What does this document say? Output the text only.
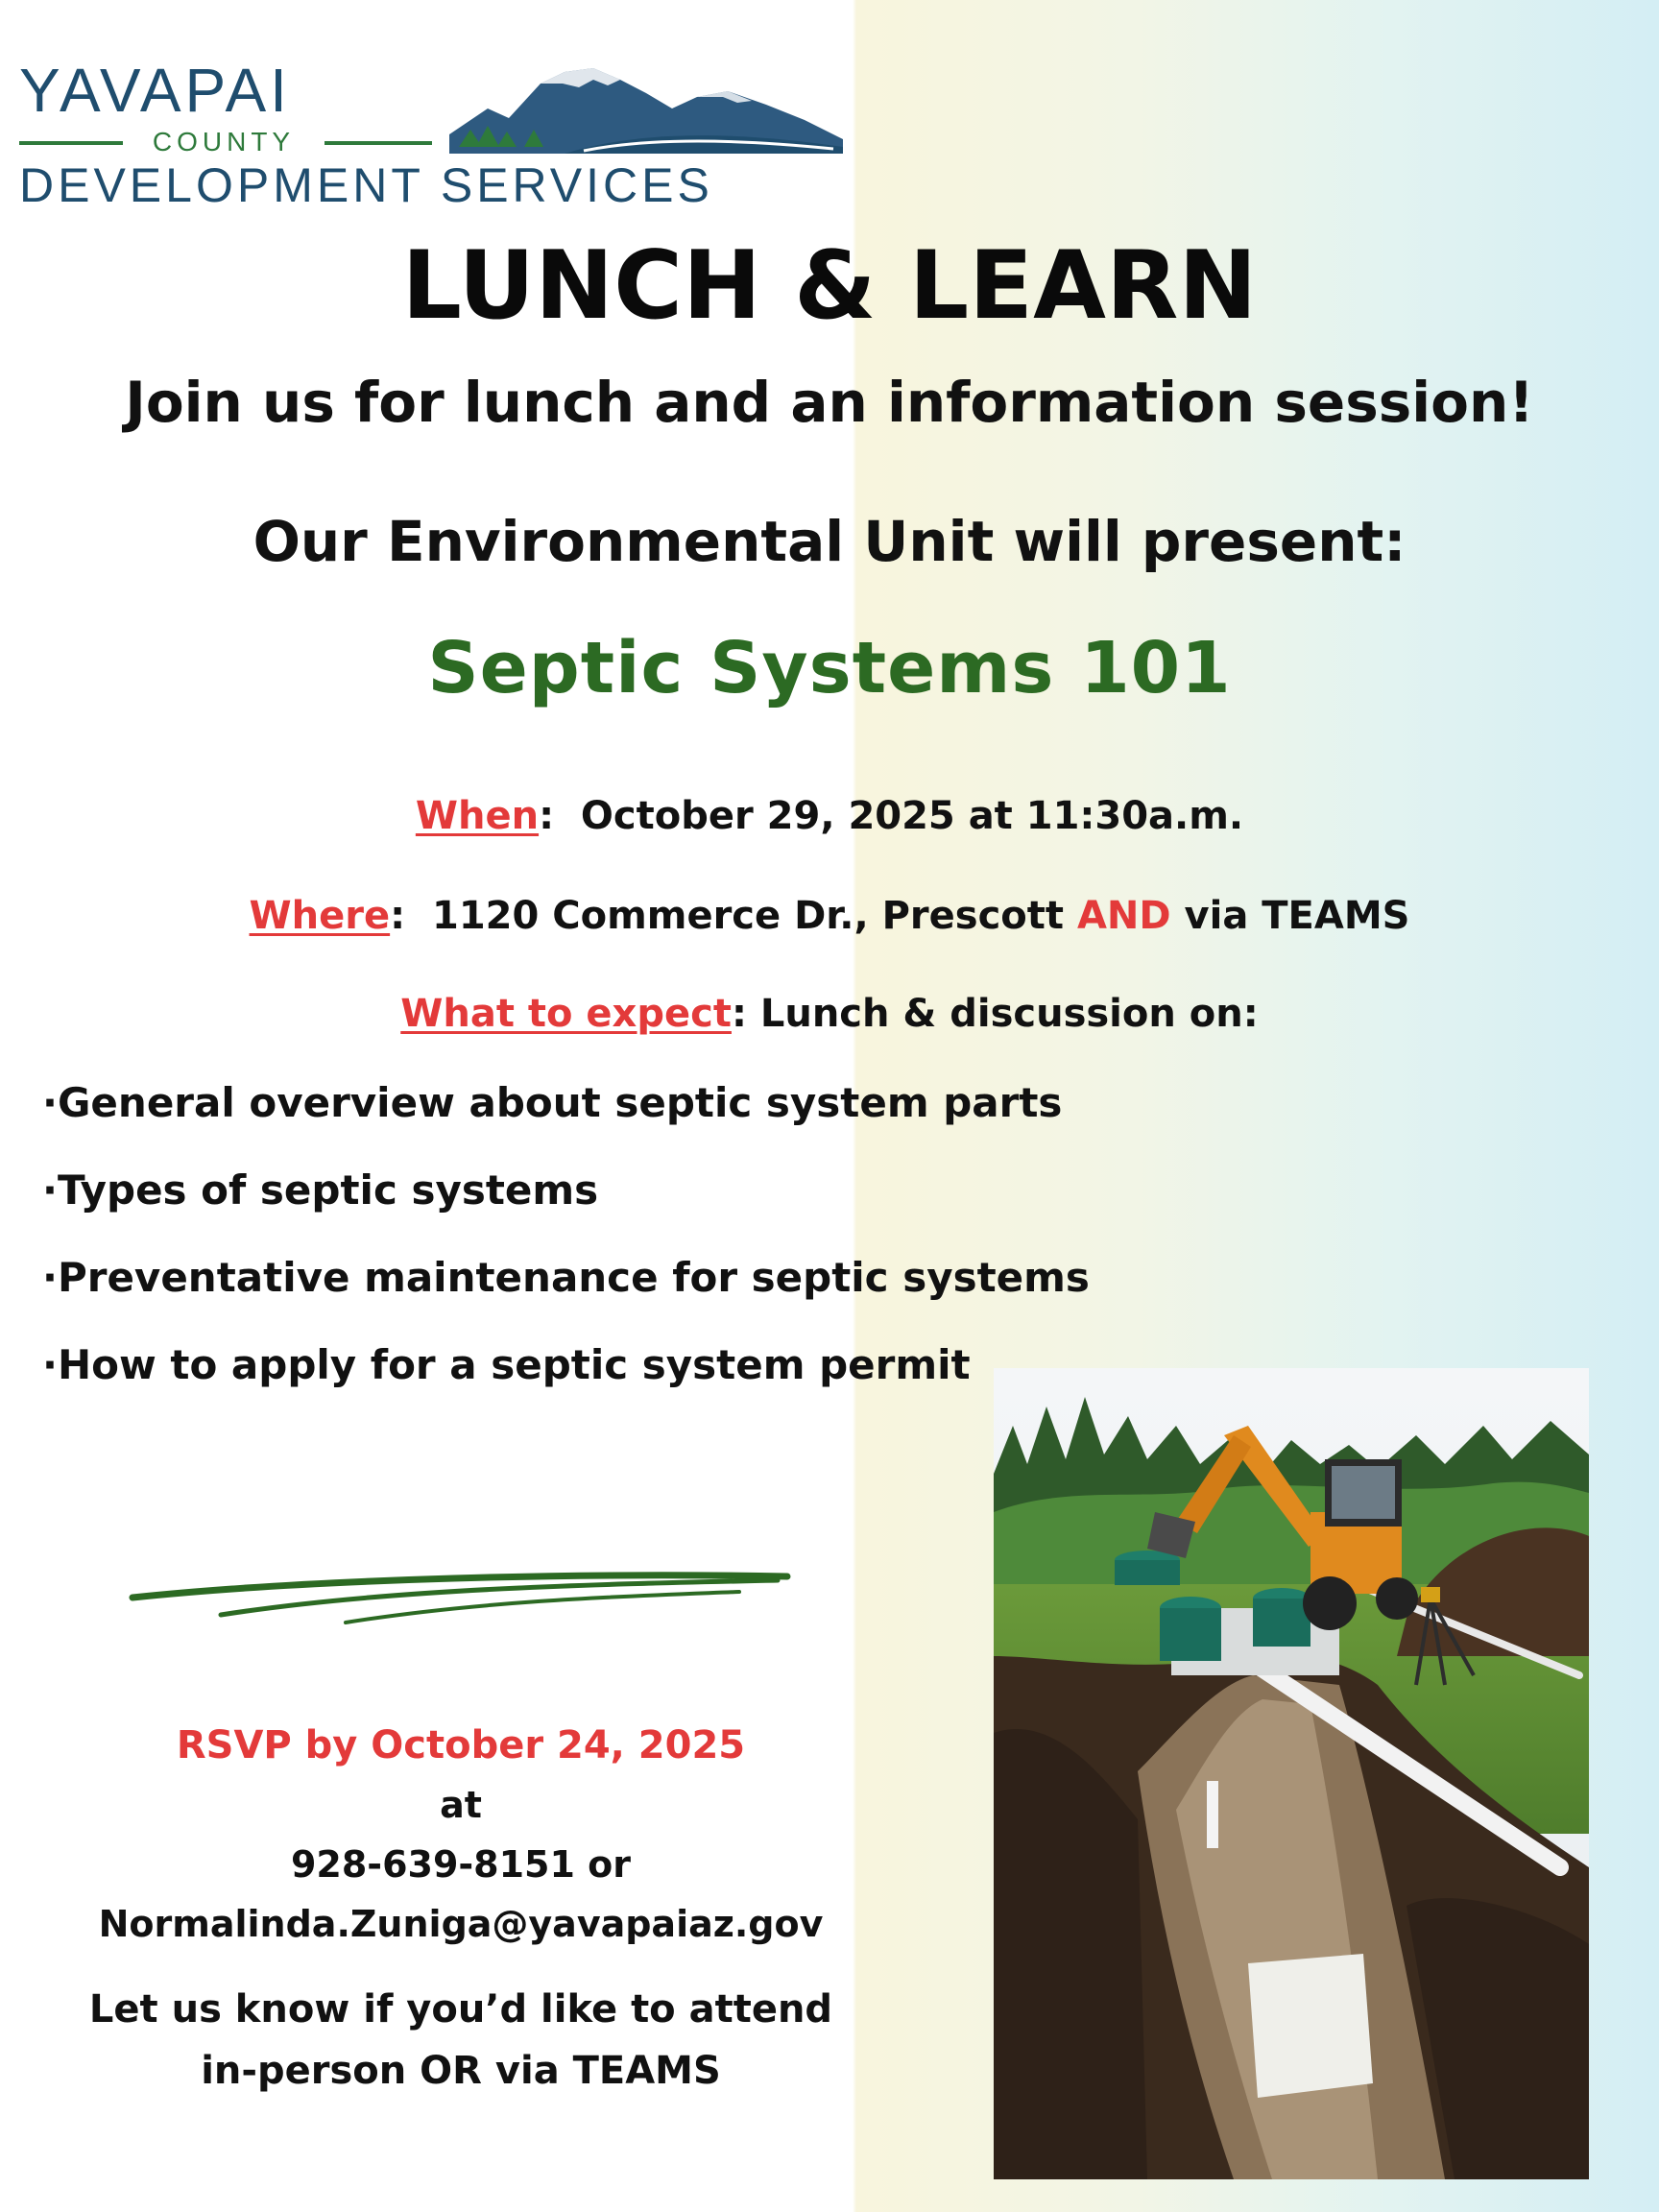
YAVAPAI
COUNTY
DEVELOPMENT SERVICES
LUNCH & LEARN
Join us for lunch and an information session!
Our Environmental Unit will present:
Septic Systems 101
When:  October 29, 2025 at 11:30a.m.
Where:  1120 Commerce Dr., Prescott AND via TEAMS
What to expect: Lunch & discussion on:
·General overview about septic system parts
·Types of septic systems
·Preventative maintenance for septic systems
·How to apply for a septic system permit
RSVP by October 24, 2025
at
928-639-8151 or
Normalinda.Zuniga@yavapaiaz.gov
Let us know if you’d like to attend
in-person OR via TEAMS
